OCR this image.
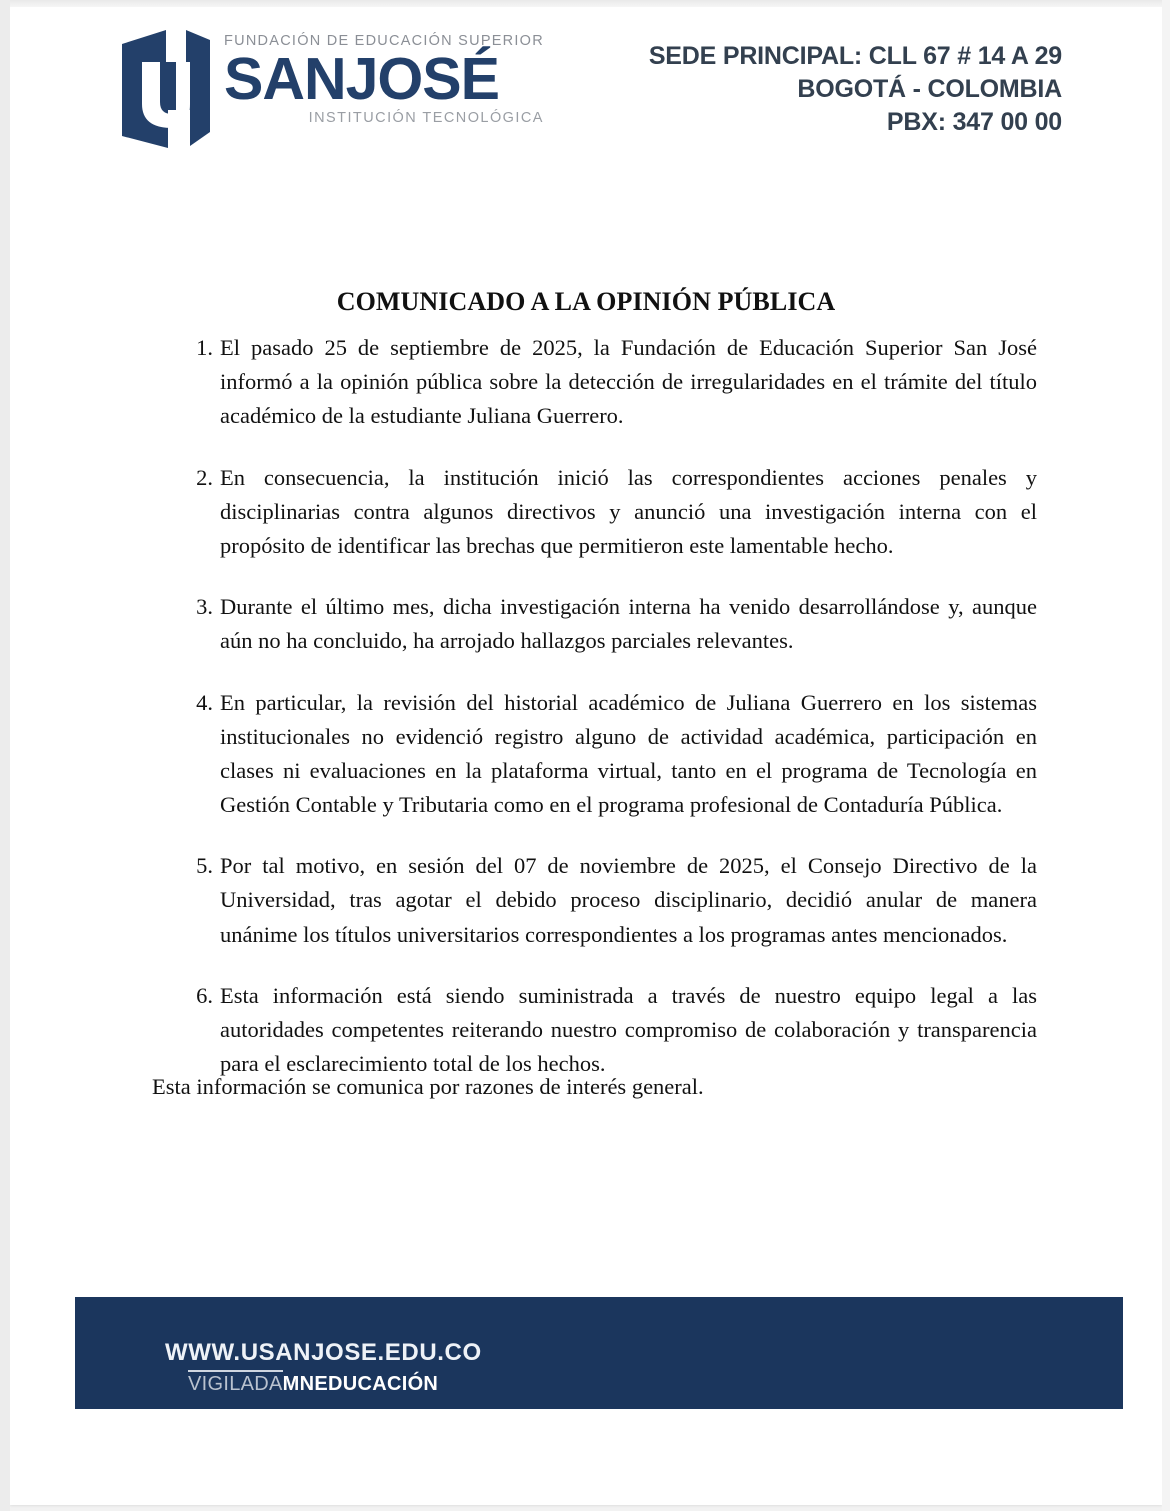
FUNDACIÓN DE EDUCACIÓN SUPERIOR
SANJOSÉ
INSTITUCIÓN TECNOLÓGICA
SEDE PRINCIPAL: CLL 67 # 14 A 29
BOGOTÁ - COLOMBIA
PBX: 347 00 00
COMUNICADO A LA OPINIÓN PÚBLICA
1. El pasado 25 de septiembre de 2025, la Fundación de Educación Superior San José informó a la opinión pública sobre la detección de irregularidades en el trámite del título académico de la estudiante Juliana Guerrero.
2. En consecuencia, la institución inició las correspondientes acciones penales y disciplinarias contra algunos directivos y anunció una investigación interna con el propósito de identificar las brechas que permitieron este lamentable hecho.
3. Durante el último mes, dicha investigación interna ha venido desarrollándose y, aunque aún no ha concluido, ha arrojado hallazgos parciales relevantes.
4. En particular, la revisión del historial académico de Juliana Guerrero en los sistemas institucionales no evidenció registro alguno de actividad académica, participación en clases ni evaluaciones en la plataforma virtual, tanto en el programa de Tecnología en Gestión Contable y Tributaria como en el programa profesional de Contaduría Pública.
5. Por tal motivo, en sesión del 07 de noviembre de 2025, el Consejo Directivo de la Universidad, tras agotar el debido proceso disciplinario, decidió anular de manera unánime los títulos universitarios correspondientes a los programas antes mencionados.
6. Esta información está siendo suministrada a través de nuestro equipo legal a las autoridades competentes reiterando nuestro compromiso de colaboración y transparencia para el esclarecimiento total de los hechos.
Esta información se comunica por razones de interés general.
WWW.USANJOSE.EDU.CO
VIGILADAMNEDUCACIÓN
